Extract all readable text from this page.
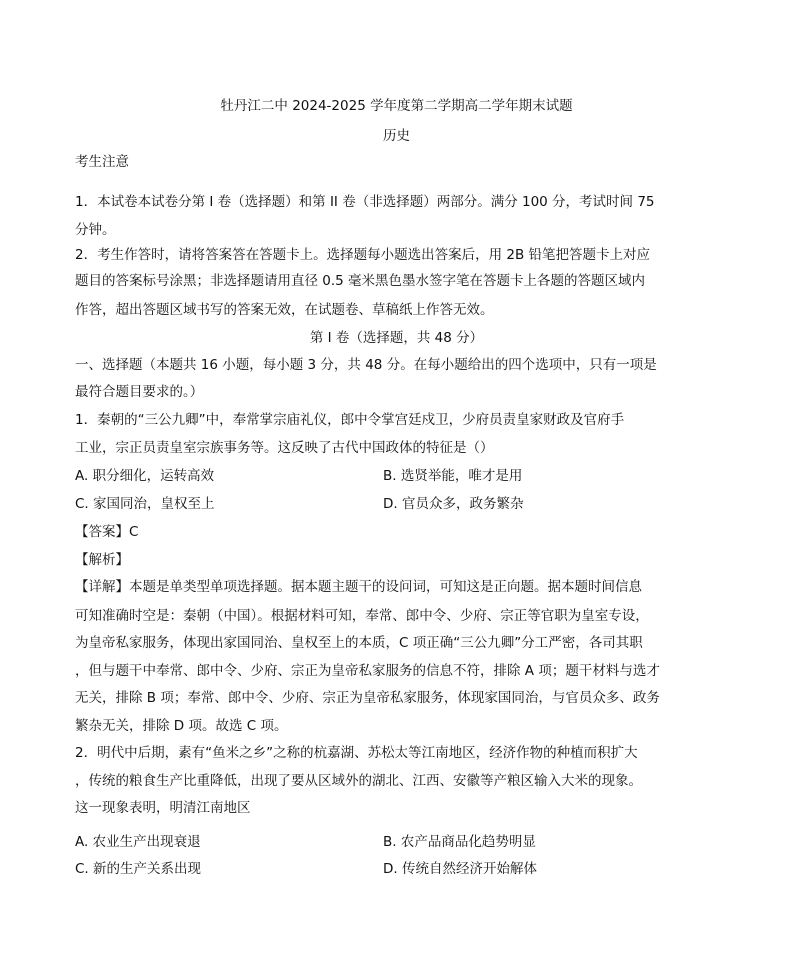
牡丹江二中 2024-2025 学年度第二学期高二学年期末试题
历史
考生注意
1．本试卷本试卷分第 I 卷（选择题）和第 II 卷（非选择题）两部分。满分 100 分，考试时间 75
分钟。
2．考生作答时，请将答案答在答题卡上。选择题每小题选出答案后，用 2B 铅笔把答题卡上对应
题目的答案标号涂黑；非选择题请用直径 0.5 毫米黑色墨水签字笔在答题卡上各题的答题区域内
作答，超出答题区域书写的答案无效，在试题卷、草稿纸上作答无效。
第 I 卷（选择题，共 48 分）
一、选择题（本题共 16 小题，每小题 3 分，共 48 分。在每小题给出的四个选项中，只有一项是
最符合题目要求的。）
1．秦朝的“三公九卿”中，奉常掌宗庙礼仪，郎中令掌宫廷戍卫，少府员责皇家财政及官府手
工业，宗正员责皇室宗族事务等。这反映了古代中国政体的特征是（）
A. 职分细化，运转高效	B. 选贤举能，唯才是用
C. 家国同治，皇权至上	D. 官员众多，政务繁杂
【答案】C
【解析】
【详解】本题是单类型单项选择题。据本题主题干的设问词，可知这是正向题。据本题时间信息
可知准确时空是：秦朝（中国）。根据材料可知，奉常、郎中令、少府、宗正等官职为皇室专设，
为皇帝私家服务，体现出家国同治、皇权至上的本质，C 项正确“三公九卿”分工严密，各司其职
，但与题干中奉常、郎中令、少府、宗正为皇帝私家服务的信息不符，排除 A 项；题干材料与选才
无关，排除 B 项；奉常、郎中令、少府、宗正为皇帝私家服务，体现家国同治，与官员众多、政务
繁杂无关，排除 D 项。故选 C 项。
2．明代中后期，素有“鱼米之乡”之称的杭嘉湖、苏松太等江南地区，经济作物的种植而积扩大
，传统的粮食生产比重降低，出现了要从区域外的湖北、江西、安徽等产粮区输入大米的现象。
这一现象表明，明清江南地区
A. 农业生产出现衰退	B. 农产品商品化趋势明显
C. 新的生产关系出现	D. 传统自然经济开始解体
